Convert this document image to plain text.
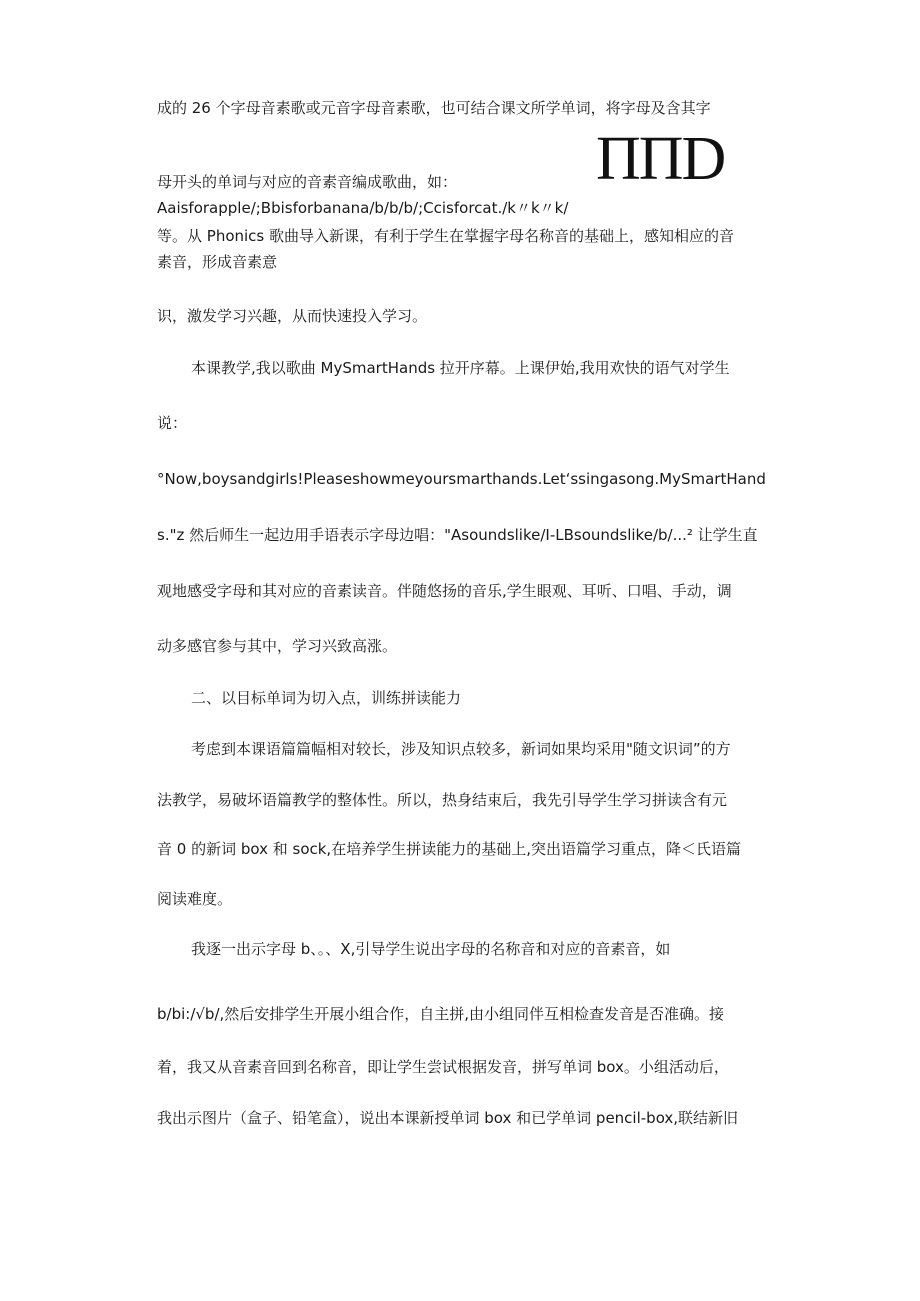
ΠΠD

成的 26 个字母音素歌或元音字母音素歌，也可结合课文所学单词，将字母及含其字

母开头的单词与对应的音素音编成歌曲，如：

Aaisforapple/;Bbisforbanana/b/b/b/;Ccisforcat./k〃k〃k/

等。从 Phonics 歌曲导入新课，有利于学生在掌握字母名称音的基础上，感知相应的音

素音，形成音素意

识，激发学习兴趣，从而快速投入学习。

本课教学,我以歌曲 MySmartHands 拉开序幕。上课伊始,我用欢快的语气对学生

说：

°Now,boysandgirls!Pleaseshowmeyoursmarthands.Let‘ssingasong.MySmartHand

s."z 然后师生一起边用手语表示字母边唱："Asoundslike/I-LBsoundslike/b/...² 让学生直

观地感受字母和其对应的音素读音。伴随悠扬的音乐,学生眼观、耳听、口唱、手动，调

动多感官参与其中，学习兴致高涨。

二、以目标单词为切入点，训练拼读能力

考虑到本课语篇篇幅相对较长，涉及知识点较多，新词如果均采用"随文识词”的方

法教学，易破坏语篇教学的整体性。所以，热身结束后，我先引导学生学习拼读含有元

音 0 的新词 box 和 sock,在培养学生拼读能力的基础上,突出语篇学习重点，降＜氏语篇

阅读难度。

我逐一出示字母 b、。、X,引导学生说出字母的名称音和对应的音素音，如

b/bi:/√b/,然后安排学生开展小组合作，自主拼,由小组同伴互相检查发音是否准确。接

着，我又从音素音回到名称音，即让学生尝试根据发音，拼写单词 box。小组活动后，

我出示图片（盒子、铅笔盒），说出本课新授单词 box 和已学单词 pencil-box,联结新旧
